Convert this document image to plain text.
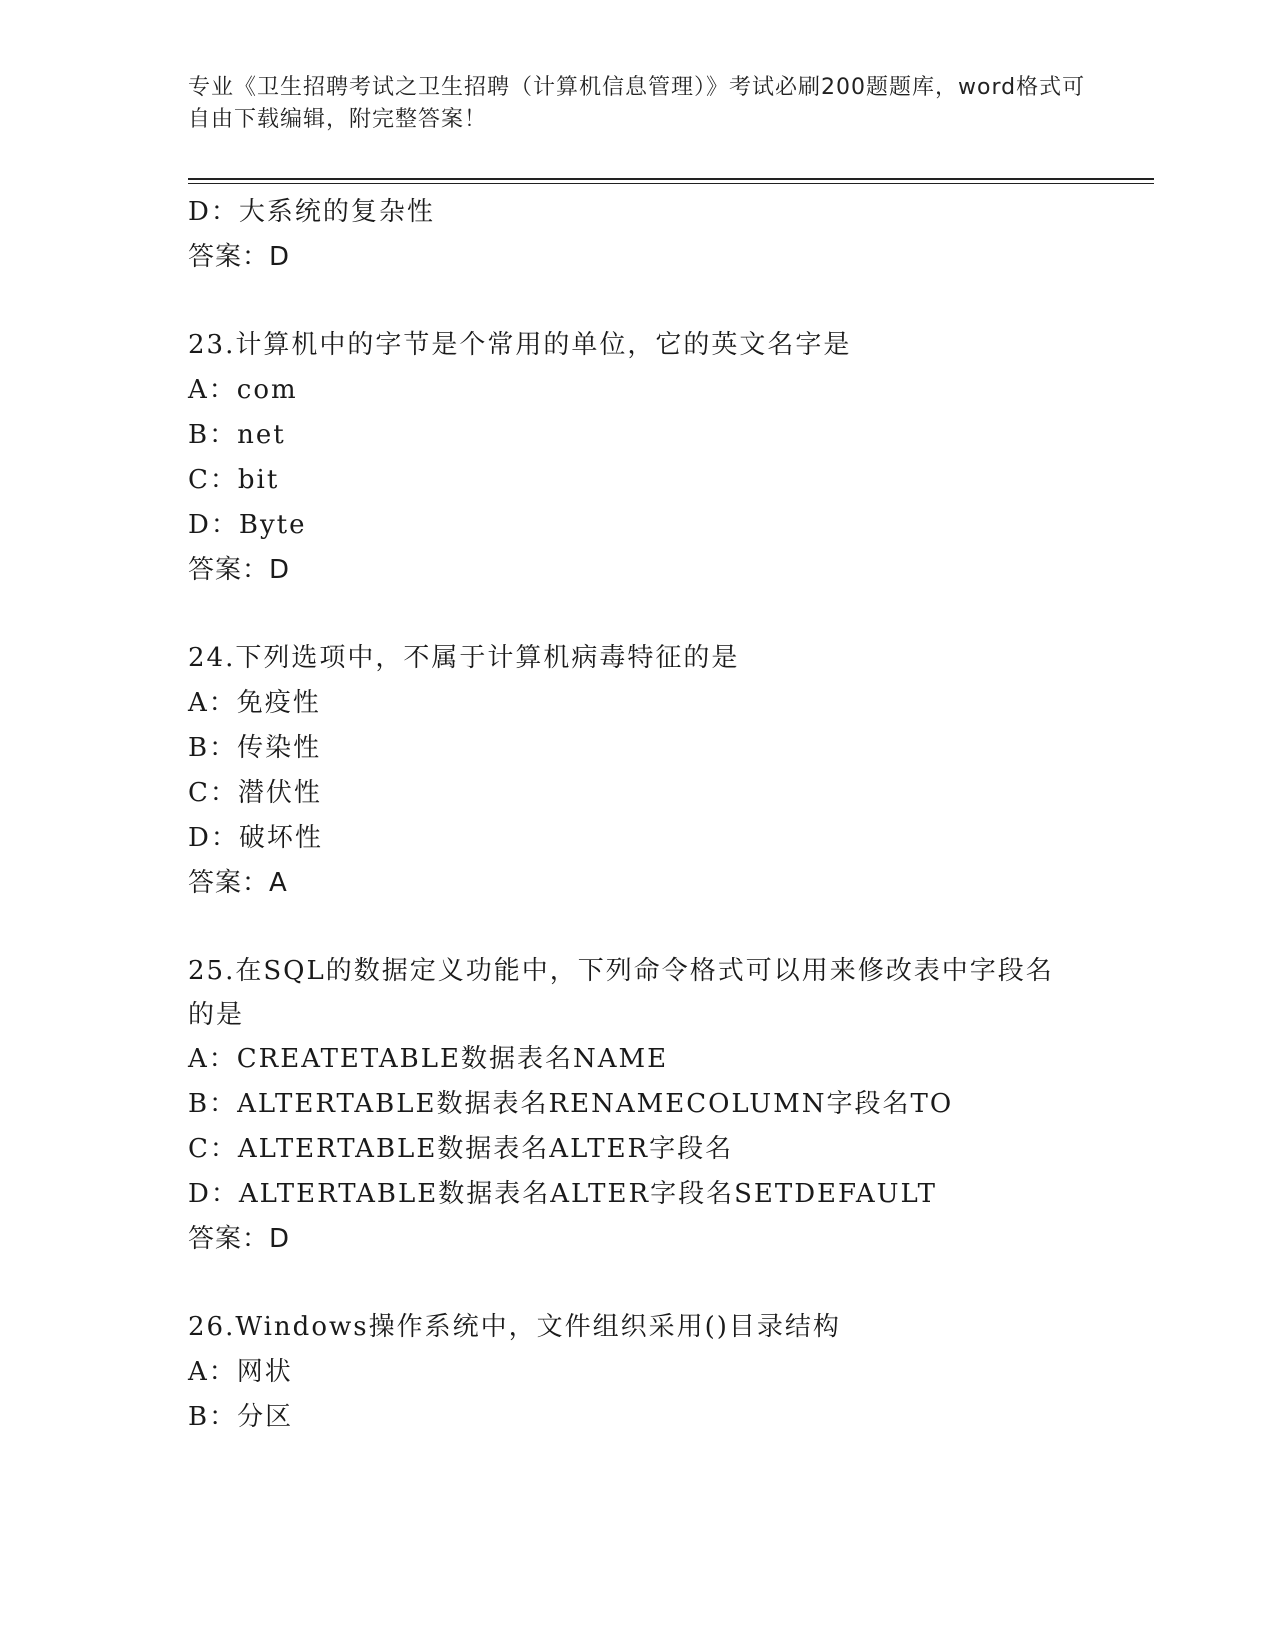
专业《卫生招聘考试之卫生招聘（计算机信息管理）》考试必刷200题题库，word格式可自由下载编辑，附完整答案！
D：大系统的复杂性
答案：D
23.计算机中的字节是个常用的单位，它的英文名字是
A：com
B：net
C：bit
D：Byte
答案：D
24.下列选项中，不属于计算机病毒特征的是
A：免疫性
B：传染性
C：潜伏性
D：破坏性
答案：A
25.在SQL的数据定义功能中，下列命令格式可以用来修改表中字段名的是
A：CREATETABLE数据表名NAME
B：ALTERTABLE数据表名RENAMECOLUMN字段名TO
C：ALTERTABLE数据表名ALTER字段名
D：ALTERTABLE数据表名ALTER字段名SETDEFAULT
答案：D
26.Windows操作系统中，文件组织采用()目录结构
A：网状
B：分区
